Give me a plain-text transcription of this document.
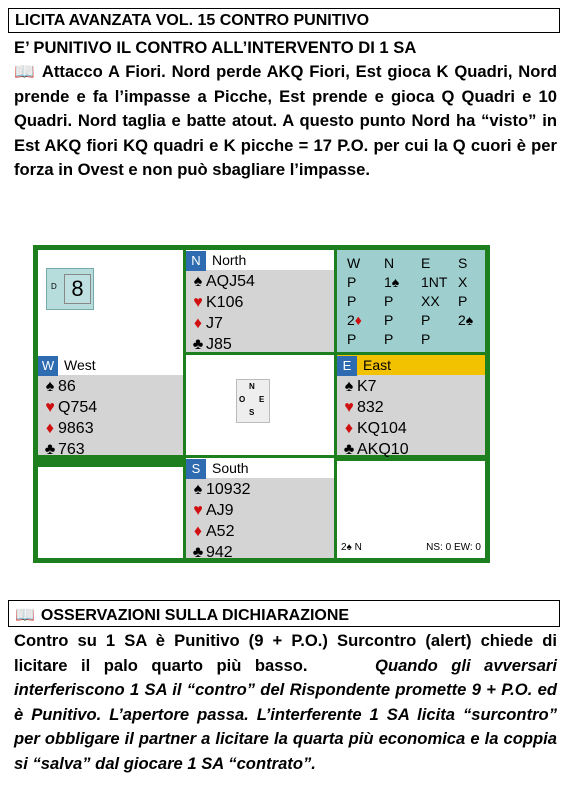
LICITA AVANZATA VOL. 15 CONTRO PUNITIVO
E’ PUNITIVO IL CONTRO ALL’INTERVENTO DI 1 SA
📖 Attacco A Fiori. Nord perde AKQ Fiori, Est gioca K Quadri, Nord prende e fa l’impasse a Picche, Est prende e gioca Q Quadri e 10 Quadri. Nord taglia e batte atout. A questo punto Nord ha “visto” in Est AKQ fiori KQ quadri e K picche = 17 P.O. per cui la Q cuori è per forza in Ovest e non può sbagliare l’impasse.
D 8
N North
♠ AQJ54
♥ K106
♦ J7
♣ J85
W	N	E	S
P	1♠	1NT X
P	P	XX	P
2♦	P	P	2♠
P	P	P
W West
♠ 86
♥ Q754
♦ 9863
♣ 763
N
O E
S
E East
♠ K7
♥ 832
♦ KQ104
♣ AKQ10
S South
♠ 10932
♥ AJ9
♦ A52
♣ 942	2♠ N	NS: 0 EW: 0
📖 OSSERVAZIONI SULLA DICHIARAZIONE
Contro su 1 SA è Punitivo (9 + P.O.) Surcontro (alert) chiede di licitare il palo quarto più basso.	Quando gli avversari interferiscono 1 SA il “contro” del Rispondente promette 9 + P.O. ed è Punitivo. L’apertore passa. L’interferente 1 SA licita “surcontro” per obbligare il partner a licitare la quarta più economica e la coppia si “salva” dal giocare 1 SA “contrato”.
